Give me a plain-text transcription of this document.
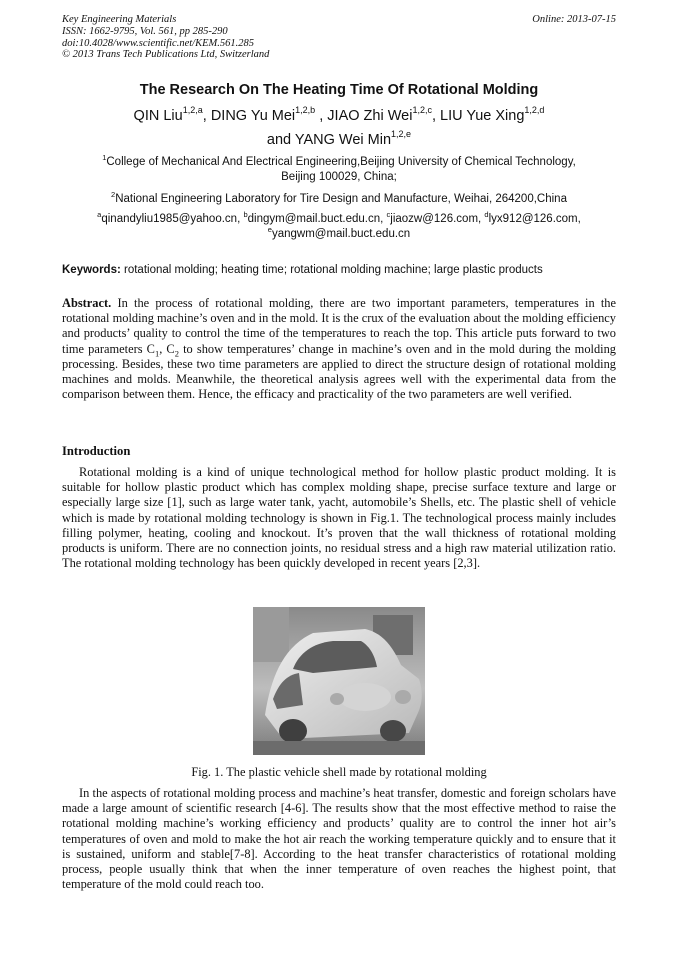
Key Engineering Materials
ISSN: 1662-9795, Vol. 561, pp 285-290
doi:10.4028/www.scientific.net/KEM.561.285
© 2013 Trans Tech Publications Ltd, Switzerland
Online: 2013-07-15
The Research On The Heating Time Of Rotational Molding
QIN Liu$^{1,2,a}$, DING Yu Mei$^{1,2,b}$ , JIAO Zhi Wei$^{1,2,c}$, LIU Yue Xing$^{1,2,d}$
and YANG Wei Min$^{1,2,e}$
$^1$College of Mechanical And Electrical Engineering,Beijing University of Chemical Technology,
Beijing 100029, China;
$^2$National Engineering Laboratory for Tire Design and Manufacture, Weihai, 264200,China
$^a$qinandyliu1985@yahoo.cn, $^b$dingym@mail.buct.edu.cn, $^c$jiaozw@126.com, $^d$lyx912@126.com,
$^e$yangwm@mail.buct.edu.cn
Keywords: rotational molding; heating time; rotational molding machine; large plastic products
Abstract. In the process of rotational molding, there are two important parameters, temperatures in the rotational molding machine’s oven and in the mold. It is the crux of the evaluation about the molding efficiency and products’ quality to control the time of the temperatures to reach the top. This article puts forward to two time parameters $C_1$, $C_2$ to show temperatures’ change in machine’s oven and in the mold during the molding processing. Besides, these two time parameters are applied to direct the structure design of rotational molding machines and molds. Meanwhile, the theoretical analysis agrees well with the experimental data from the comparison between them. Hence, the efficacy and practicality of the two parameters are well verified.
Introduction
Rotational molding is a kind of unique technological method for hollow plastic product molding. It is suitable for hollow plastic product which has complex molding shape, precise surface texture and large or especially large size [1], such as large water tank, yacht, automobile’s Shells, etc. The plastic shell of vehicle which is made by rotational molding technology is shown in Fig.1. The technological process mainly includes filling polymer, heating, cooling and knockout. It’s proven that the wall thickness of rotational molding products is uniform. There are no connection joints, no residual stress and a high raw material utilization ratio. The rotational molding technology has been quickly developed in recent years [2,3].
Fig. 1. The plastic vehicle shell made by rotational molding
In the aspects of rotational molding process and machine’s heat transfer, domestic and foreign scholars have made a large amount of scientific research [4-6]. The results show that the most effective method to raise the rotational molding machine’s working efficiency and products’ quality are to control the inner hot air’s temperatures of oven and mold to make the hot air reach the working temperature quickly and to ensure that it is sustained, uniform and stable[7-8]. According to the heat transfer characteristics of rotational molding process, people usually think that when the inner temperature of oven reaches the highest point, that temperature of the mold could reach too.
